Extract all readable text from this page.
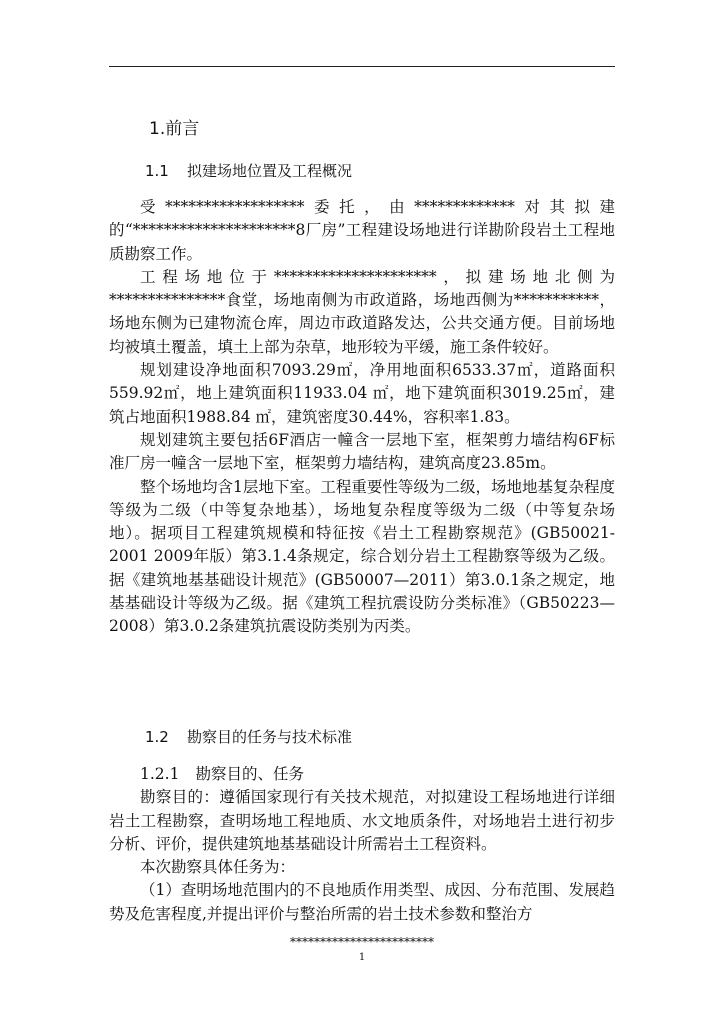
1.前言
1.1 拟建场地位置及工程概况

受******************委托，由*************对其拟建的“*********************8厂房”工程建设场地进行详勘阶段岩土工程地质勘察工作。

工程场地位于*********************，拟建场地北侧为***************食堂，场地南侧为市政道路，场地西侧为***********，场地东侧为已建物流仓库，周边市政道路发达，公共交通方便。目前场地均被填土覆盖，填土上部为杂草，地形较为平缓，施工条件较好。

规划建设净地面积7093.29㎡，净用地面积6533.37㎡，道路面积559.92㎡，地上建筑面积11933.04 ㎡，地下建筑面积3019.25㎡，建筑占地面积1988.84 ㎡，建筑密度30.44%，容积率1.83。

规划建筑主要包括6F酒店一幢含一层地下室，框架剪力墙结构6F标准厂房一幢含一层地下室，框架剪力墙结构，建筑高度23.85m。

整个场地均含1层地下室。工程重要性等级为二级，场地地基复杂程度等级为二级（中等复杂地基），场地复杂程度等级为二级（中等复杂场地）。据项目工程建筑规模和特征按《岩土工程勘察规范》(GB50021-2001 2009年版）第3.1.4条规定，综合划分岩土工程勘察等级为乙级。据《建筑地基基础设计规范》(GB50007—2011）第3.0.1条之规定，地基基础设计等级为乙级。据《建筑工程抗震设防分类标准》（GB50223—2008）第3.0.2条建筑抗震设防类别为丙类。

1.2 勘察目的任务与技术标准

1.2.1 勘察目的、任务

勘察目的：遵循国家现行有关技术规范，对拟建设工程场地进行详细岩土工程勘察，查明场地工程地质、水文地质条件，对场地岩土进行初步分析、评价，提供建筑地基基础设计所需岩土工程资料。

本次勘察具体任务为：

（1）查明场地范围内的不良地质作用类型、成因、分布范围、发展趋势及危害程度,并提出评价与整治所需的岩土技术参数和整治方

************************
1
